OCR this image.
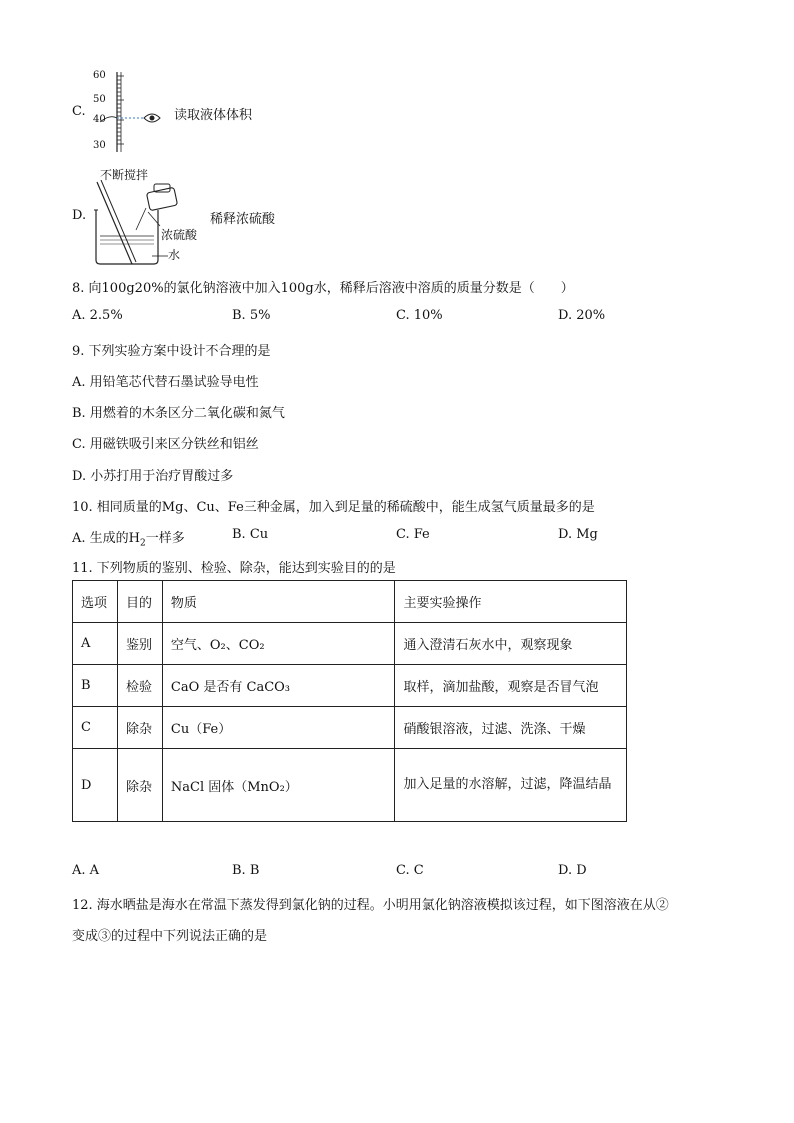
C.
60
50
40
30
读取液体体积
不断搅拌
D.	稀释浓硫酸
浓硫酸
水
8. 向100g20%的氯化钠溶液中加入100g水，稀释后溶液中溶质的质量分数是（　　）
A. 2.5%	B. 5%	C. 10%	D. 20%
9. 下列实验方案中设计不合理的是
A. 用铅笔芯代替石墨试验导电性
B. 用燃着的木条区分二氧化碳和氮气
C. 用磁铁吸引来区分铁丝和铝丝
D. 小苏打用于治疗胃酸过多
10. 相同质量的Mg、Cu、Fe三种金属，加入到足量的稀硫酸中，能生成氢气质量最多的是
A. 生成的$H_2$一样多	B. Cu	C. Fe	D. Mg
11. 下列物质的鉴别、检验、除杂，能达到实验目的的是
选项	目的	物质	主要实验操作
A	鉴别	空气、O₂、CO₂	通入澄清石灰水中，观察现象
B	检验	CaO 是否有 CaCO₃	取样，滴加盐酸，观察是否冒气泡
C	除杂	Cu（Fe）	硝酸银溶液，过滤、洗涤、干燥
D	除杂	NaCl 固体（MnO₂）	加入足量的水溶解，过滤，降温结晶
A. A	B. B	C. C	D. D
12. 海水晒盐是海水在常温下蒸发得到氯化钠的过程。小明用氯化钠溶液模拟该过程，如下图溶液在从②
变成③的过程中下列说法正确的是
